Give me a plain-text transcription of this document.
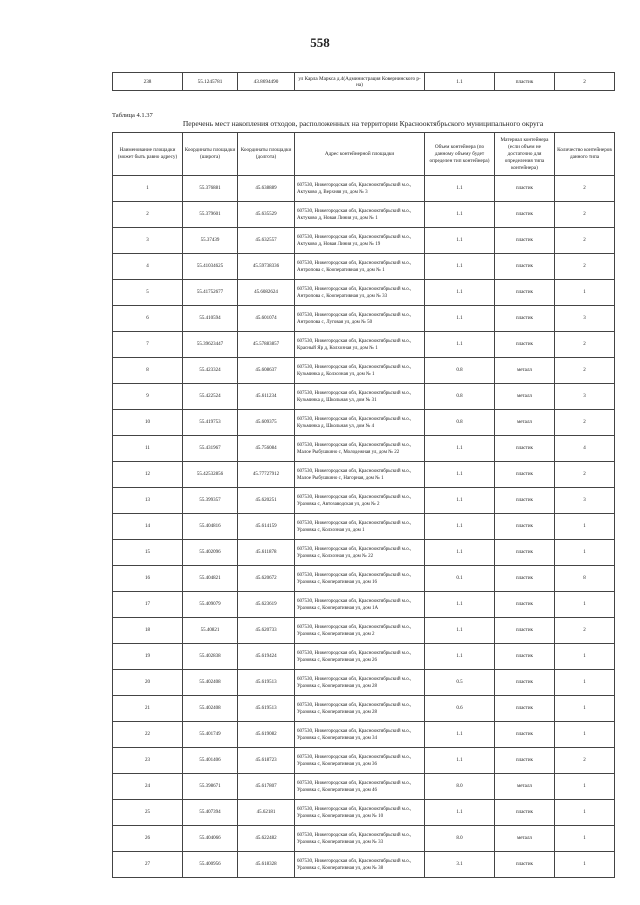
558
238	55.1245781	43.8694490	ул Карла Маркса д.4(Администрация Ковернинского р-на)	1.1	пластик	2
Таблица 4.1.37
Перечень мест накопления отходов, расположенных на территории Краснооктябрьского муниципального округа
Наименование площадки (может быть равно адресу)	Координаты площадки (широта)	Координаты площадки (долгота)	Адрес контейнерной площадки	Объем контейнера (по данному объему будет определен тип контейнера)	Материал контейнера (если объем не достаточно для определения типа контейнера)	Количество контейнеров данного типа
1	55.376881	45.638889	607530, Нижегородская обл, Краснооктябрьский м.о., Актуково д, Верхняя ул, дом № 3	1.1	пластик	2
2	55.379601	45.635529	607530, Нижегородская обл, Краснооктябрьский м.о., Актуково д, Новая Линия ул, дом № 1	1.1	пластик	2
3	55.37439	45.632557	607530, Нижегородская обл, Краснооктябрьский м.о., Актуково д, Новая Линия ул, дом № 19	1.1	пластик	2
4	55.41034625	45.59738336	607530, Нижегородская обл, Краснооктябрьский м.о., Антропова с, Кооперативная ул, дом № 1	1.1	пластик	2
5	55.41752677	45.6082624	607530, Нижегородская обл, Краснооктябрьский м.о., Антропова с, Кооперативная ул, дом № 33	1.1	пластик	1
6	55.410594	45.601074	607530, Нижегородская обл, Краснооктябрьский м.о., Антропова с, Луговая ул, дом № 50	1.1	пластик	3
7	55.39623447	45.57883857	607530, Нижегородская обл, Краснооктябрьский м.о., Красный Яр д, Колхозная ул, дом № 1	1.1	пластик	2
8	55.423324	45.608637	607530, Нижегородская обл, Краснооктябрьский м.о., Кузьминка д, Колхозная ул, дом № 1	0.8	металл	2
9	55.422524	45.611234	607530, Нижегородская обл, Краснооктябрьский м.о., Кузьминка д, Школьная ул, дом № 31	0.8	металл	3
10	55.419753	45.609375	607530, Нижегородская обл, Краснооктябрьский м.о., Кузьминка д, Школьная ул, дом № 4	0.8	металл	2
11	55.431967	45.756084	607530, Нижегородская обл, Краснооктябрьский м.о., Малое Рыбушкино с, Молодежная ул, дом № 22	1.1	пластик	4
12	55.42532856	45.77727912	607530, Нижегородская обл, Краснооктябрьский м.о., Малое Рыбушкино с, Нагорная, дом № 1	1.1	пластик	2
13	55.399357	45.620251	607530, Нижегородская обл, Краснооктябрьский м.о., Уразовка с, Автозаводская ул, дом № 2	1.1	пластик	3
14	55.404816	45.614159	607530, Нижегородская обл, Краснооктябрьский м.о., Уразовка с, Колхозная ул, дом 1	1.1	пластик	1
15	55.402096	45.611878	607530, Нижегородская обл, Краснооктябрьский м.о., Уразовка с, Колхозная ул, дом № 22	1.1	пластик	1
16	55.404821	45.620672	607530, Нижегородская обл, Краснооктябрьский м.о., Уразовка с, Кооперативная ул, дом 16	0.1	пластик	8
17	55.409079	45.623619	607530, Нижегородская обл, Краснооктябрьский м.о., Уразовка с, Кооперативная ул, дом 1А	1.1	пластик	1
18	55.40821	45.620733	607530, Нижегородская обл, Краснооктябрьский м.о., Уразовка с, Кооперативная ул, дом 2	1.1	пластик	2
19	55.402838	45.619424	607530, Нижегородская обл, Краснооктябрьский м.о., Уразовка с, Кооперативная ул, дом 26	1.1	пластик	1
20	55.402408	45.619513	607530, Нижегородская обл, Краснооктябрьский м.о., Уразовка с, Кооперативная ул, дом 28	0.5	пластик	1
21	55.402408	45.619513	607530, Нижегородская обл, Краснооктябрьский м.о., Уразовка с, Кооперативная ул, дом 28	0.6	пластик	1
22	55.401749	45.619082	607530, Нижегородская обл, Краснооктябрьский м.о., Уразовка с, Кооперативная ул, дом 34	1.1	пластик	1
23	55.401406	45.618723	607530, Нижегородская обл, Краснооктябрьский м.о., Уразовка с, Кооперативная ул, дом 36	1.1	пластик	2
24	55.398671	45.617807	607530, Нижегородская обл, Краснооктябрьский м.о., Уразовка с, Кооперативная ул, дом 46	8.0	металл	1
25	55.407394	45.62181	607530, Нижегородская обл, Краснооктябрьский м.о., Уразовка с, Кооперативная ул, дом № 10	1.1	пластик	1
26	55.404066	45.622482	607530, Нижегородская обл, Краснооктябрьский м.о., Уразовка с, Кооперативная ул, дом № 33	8.0	металл	1
27	55.400956	45.618328	607530, Нижегородская обл, Краснооктябрьский м.о., Уразовка с, Кооперативная ул, дом № 38	3.1	пластик	1
